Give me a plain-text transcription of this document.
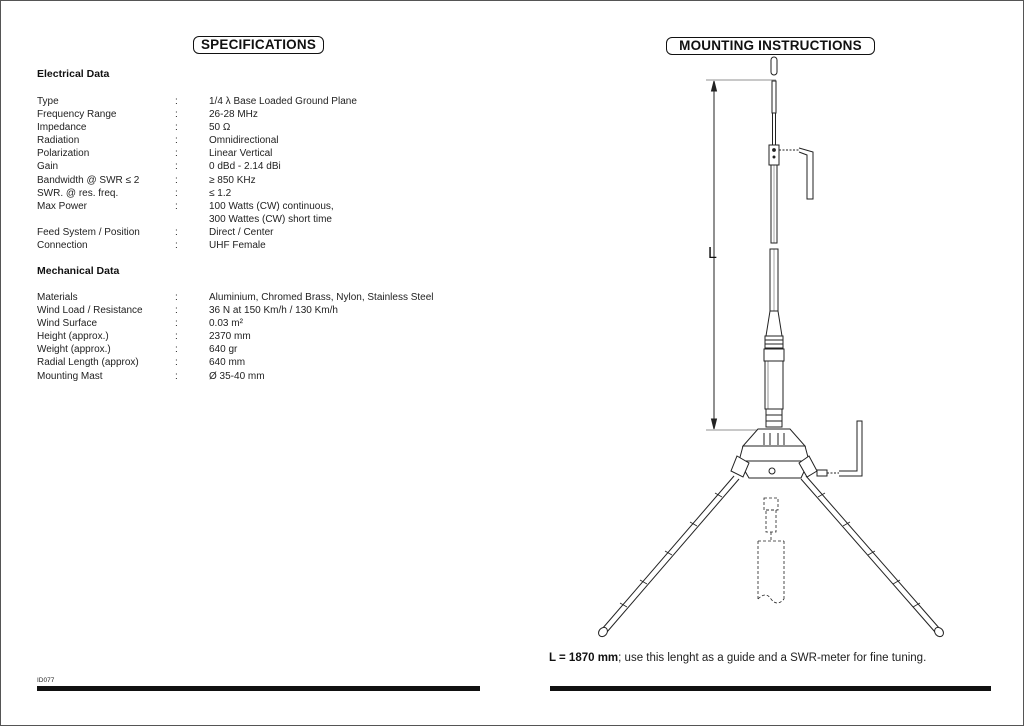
SPECIFICATIONS
Electrical Data
Type	:	1/4 λ Base Loaded Ground Plane
Frequency Range	:	26-28 MHz
Impedance	:	50 Ω
Radiation	:	Omnidirectional
Polarization	:	Linear Vertical
Gain	:	0 dBd - 2.14 dBi
Bandwidth @ SWR ≤ 2	:	≥ 850 KHz
SWR. @ res. freq.	:	≤ 1.2
Max Power	:	100 Watts (CW) continuous,
300 Wattes (CW) short time
Feed System / Position	:	Direct / Center
Connection	:	UHF Female
Mechanical Data
Materials	:	Aluminium, Chromed Brass, Nylon, Stainless Steel
Wind Load / Resistance	:	36 N at 150 Km/h / 130 Km/h
Wind Surface	:	0.03 m²
Height (approx.)	:	2370 mm
Weight (approx.)	:	640 gr
Radial Length (approx)	:	640 mm
Mounting Mast	:	Ø 35-40 mm
ID077
MOUNTING INSTRUCTIONS
L
L = 1870 mm; use this lenght as a guide and a SWR-meter for fine tuning.
